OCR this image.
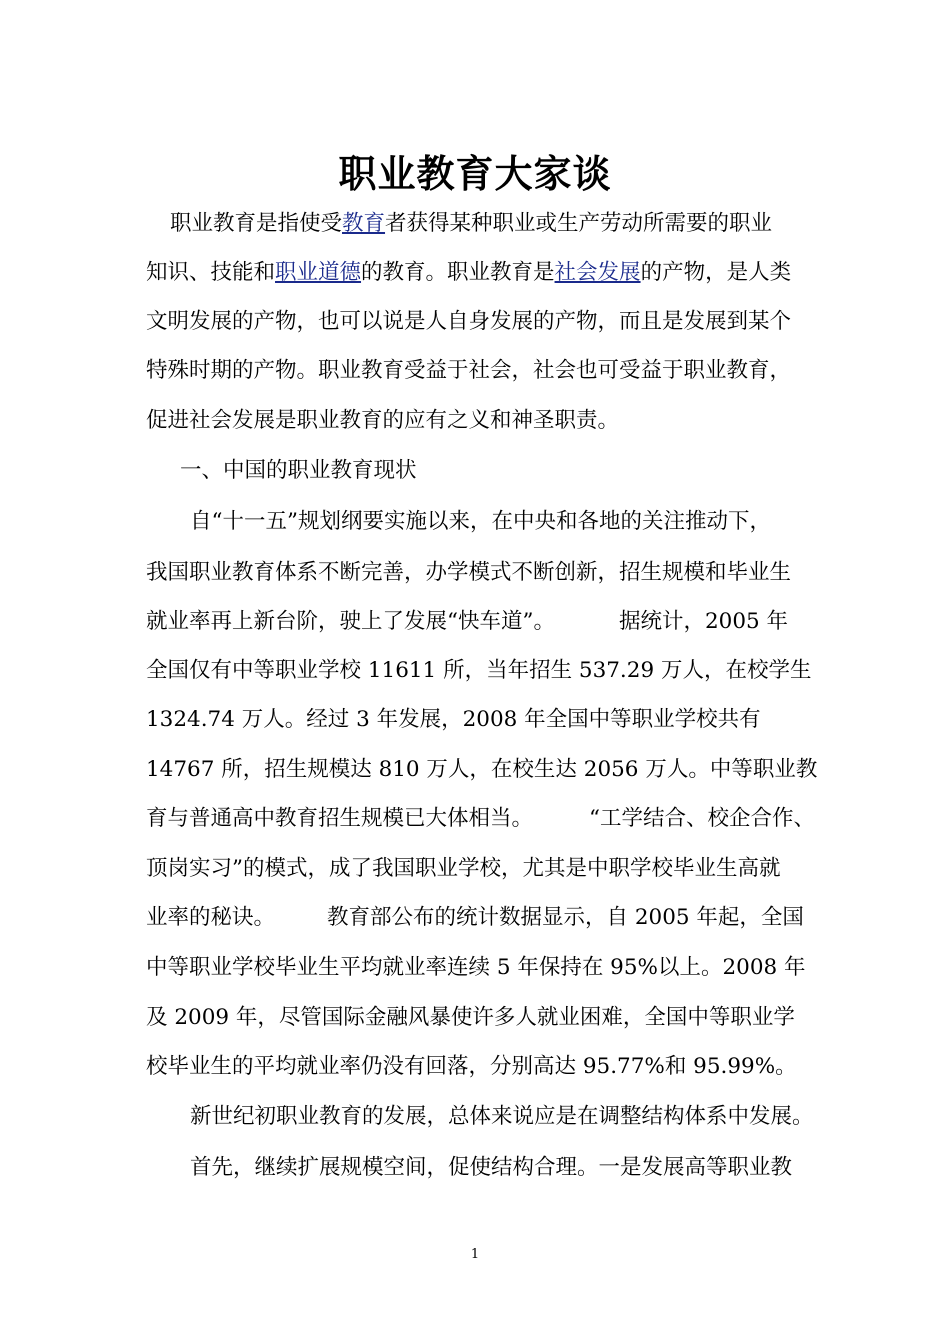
职业教育大家谈
职业教育是指使受教育者获得某种职业或生产劳动所需要的职业
知识、技能和职业道德的教育。职业教育是社会发展的产物，是人类
文明发展的产物，也可以说是人自身发展的产物，而且是发展到某个
特殊时期的产物。职业教育受益于社会，社会也可受益于职业教育，
促进社会发展是职业教育的应有之义和神圣职责。
一、中国的职业教育现状
自“十一五”规划纲要实施以来，在中央和各地的关注推动下，
我国职业教育体系不断完善，办学模式不断创新，招生规模和毕业生
就业率再上新台阶，驶上了发展“快车道”。	据统计，2005 年
全国仅有中等职业学校 11611 所，当年招生 537.29 万人，在校学生
1324.74 万人。经过 3 年发展，2008 年全国中等职业学校共有
14767 所，招生规模达 810 万人，在校生达 2056 万人。中等职业教
育与普通高中教育招生规模已大体相当。	“工学结合、校企合作、
顶岗实习”的模式，成了我国职业学校，尤其是中职学校毕业生高就
业率的秘诀。 教育部公布的统计数据显示，自 2005 年起，全国
中等职业学校毕业生平均就业率连续 5 年保持在 95%以上。2008 年
及 2009 年，尽管国际金融风暴使许多人就业困难，全国中等职业学
校毕业生的平均就业率仍没有回落，分别高达 95.77%和 95.99%。
新世纪初职业教育的发展，总体来说应是在调整结构体系中发展。
首先，继续扩展规模空间，促使结构合理。一是发展高等职业教
1
